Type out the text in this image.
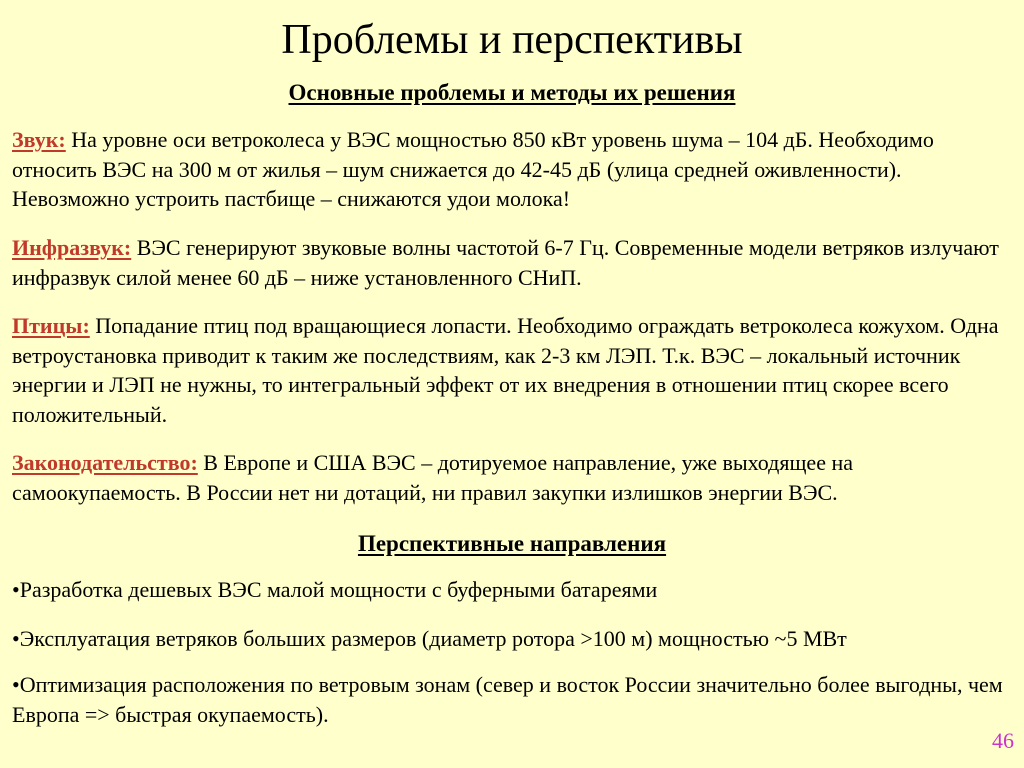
Проблемы и перспективы
Основные проблемы и методы их решения

Звук: На уровне оси ветроколеса у ВЭС мощностью 850 кВт уровень шума – 104 дБ. Необходимо относить ВЭС на 300 м от жилья – шум снижается до 42-45 дБ (улица средней оживленности). Невозможно устроить пастбище – снижаются удои молока!

Инфразвук: ВЭС генерируют звуковые волны частотой 6-7 Гц. Современные модели ветряков излучают инфразвук силой менее 60 дБ – ниже установленного СНиП.

Птицы: Попадание птиц под вращающиеся лопасти. Необходимо ограждать ветроколеса кожухом. Одна ветроустановка приводит к таким же последствиям, как 2-3 км ЛЭП. Т.к. ВЭС – локальный источник энергии и ЛЭП не нужны, то интегральный эффект от их внедрения в отношении птиц скорее всего положительный.

Законодательство: В Европе и США ВЭС – дотируемое направление, уже выходящее на самоокупаемость. В России нет ни дотаций, ни правил закупки излишков энергии ВЭС.

Перспективные направления

•Разработка дешевых ВЭС малой мощности с буферными батареями

•Эксплуатация ветряков больших размеров (диаметр ротора >100 м) мощностью ~5 МВт

•Оптимизация расположения по ветровым зонам (север и восток России значительно более выгодны, чем Европа => быстрая окупаемость).

46
